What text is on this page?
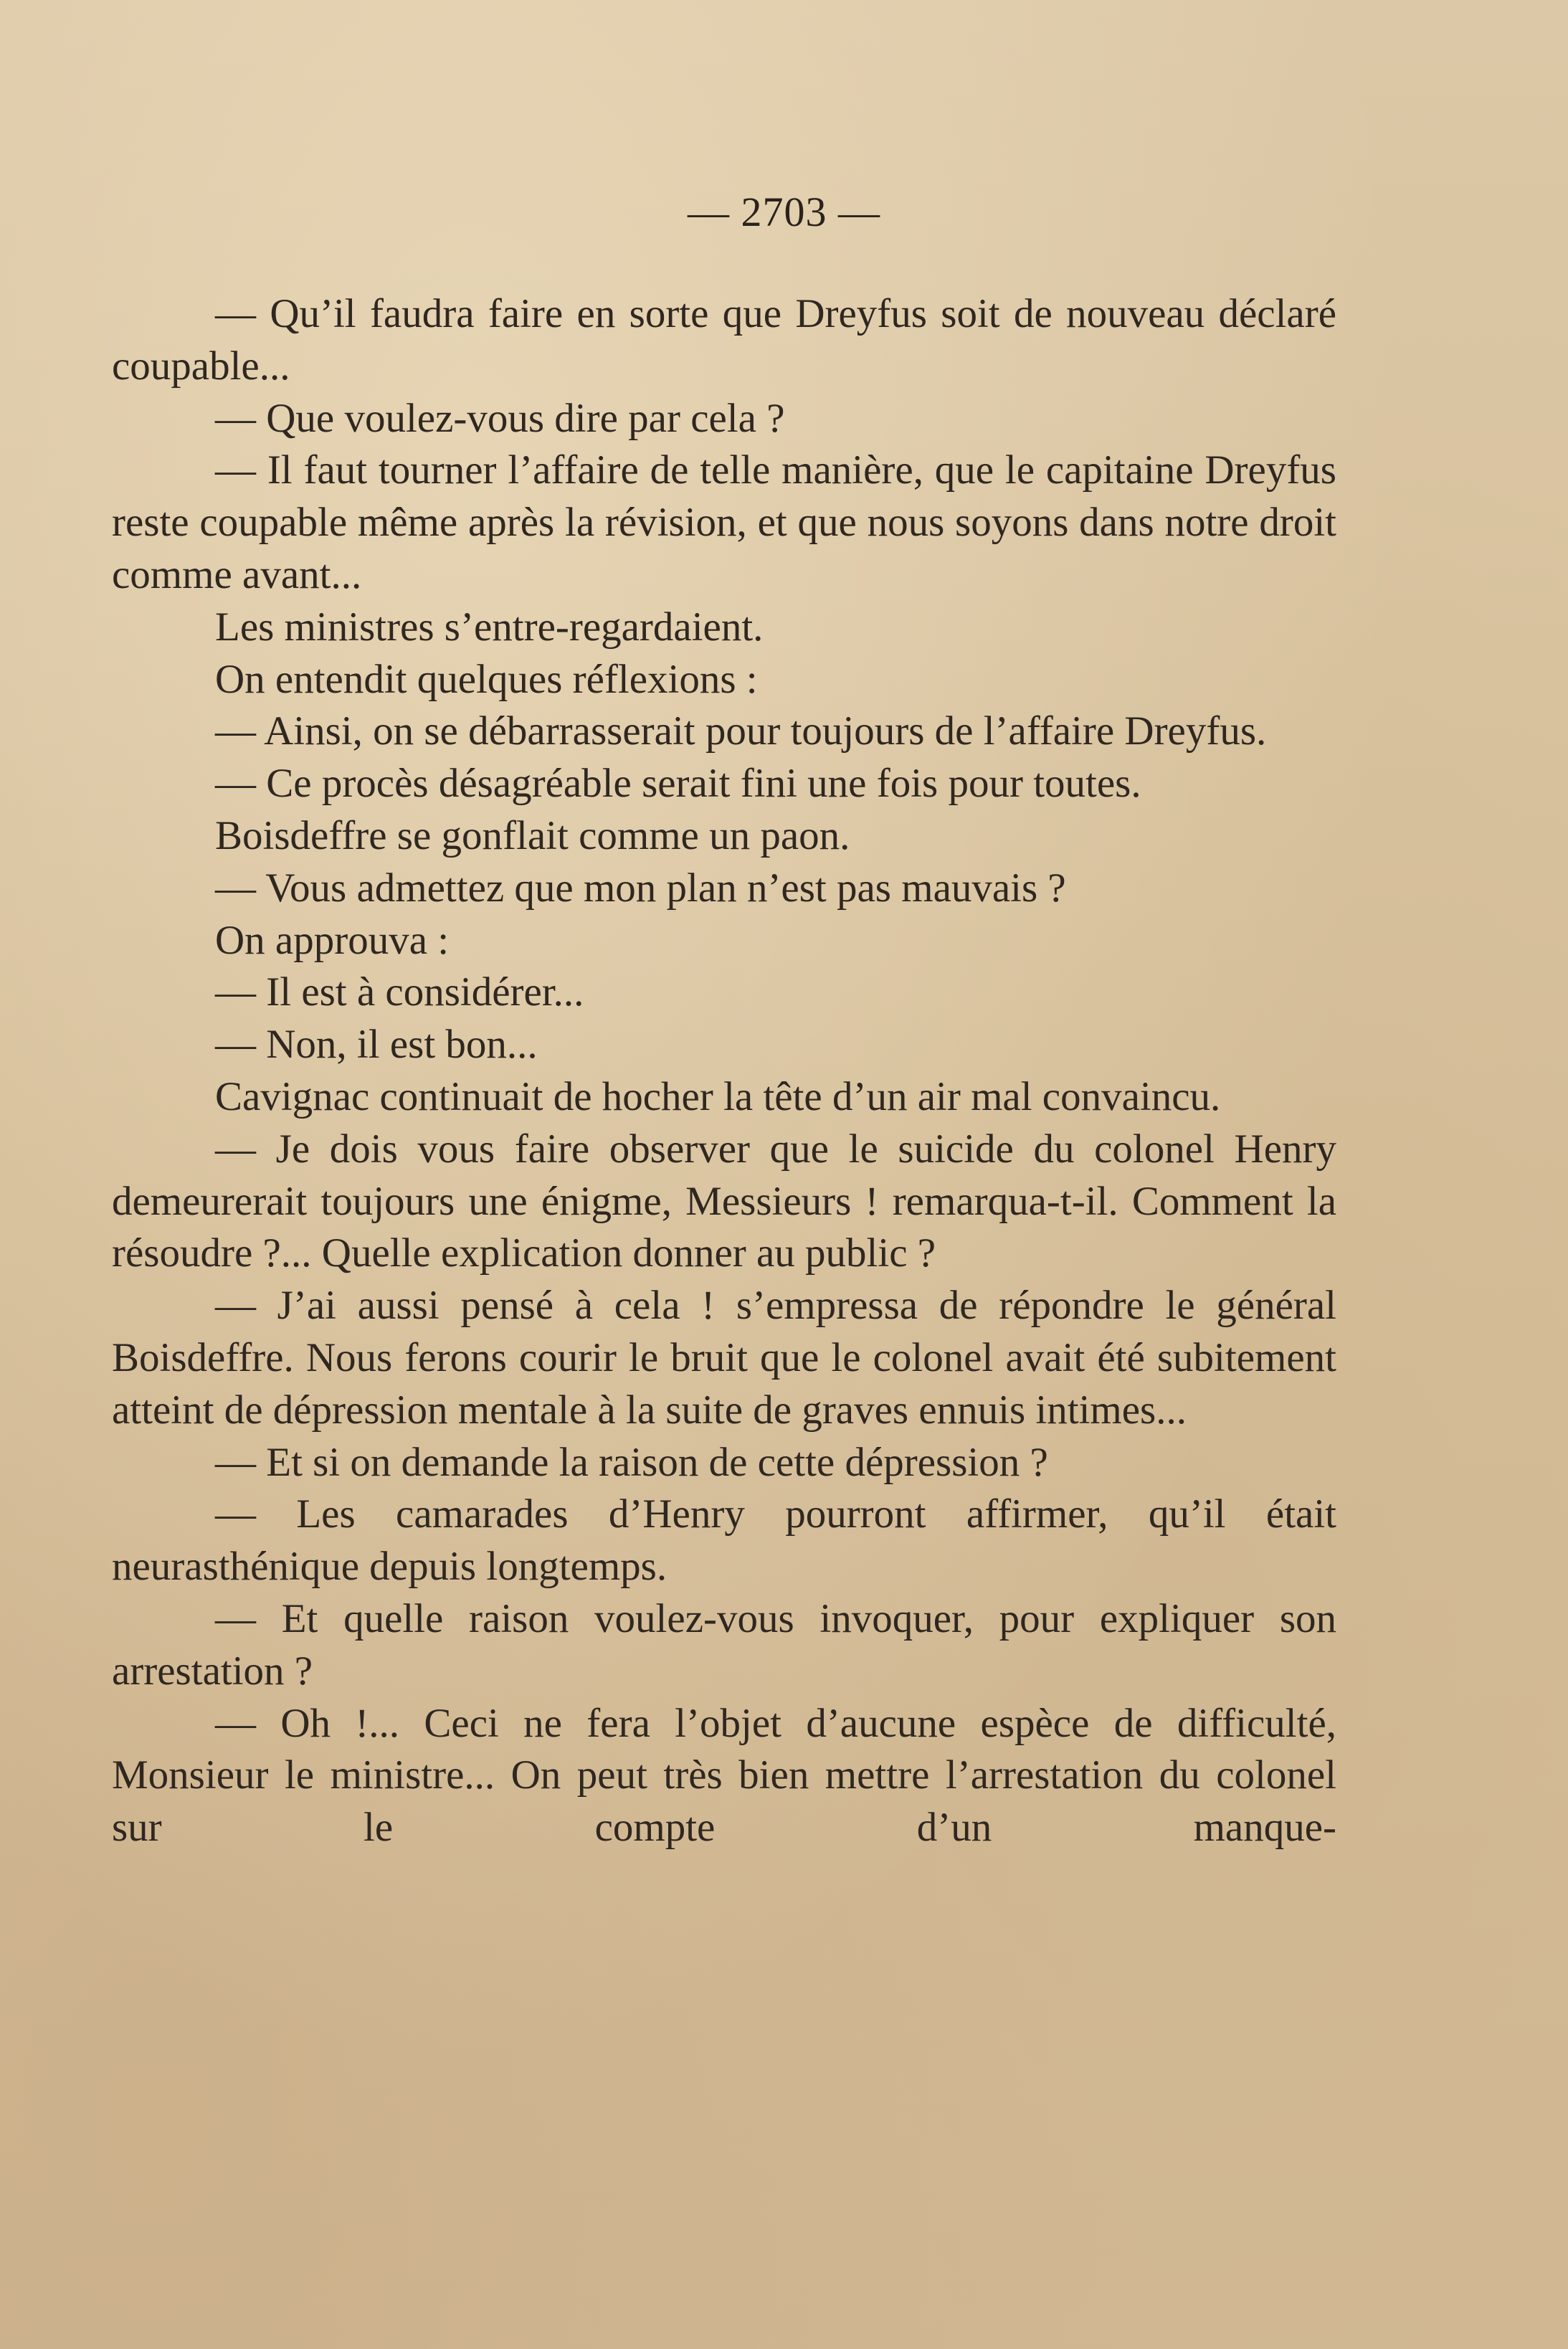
— 2703 —

— Qu’il faudra faire en sorte que Dreyfus soit de nouveau déclaré coupable...

— Que voulez-vous dire par cela ?

— Il faut tourner l’affaire de telle manière, que le capitaine Dreyfus reste coupable même après la révision, et que nous soyons dans notre droit comme avant...

Les ministres s’entre-regardaient.

On entendit quelques réflexions :

— Ainsi, on se débarrasserait pour toujours de l’affaire Dreyfus.

— Ce procès désagréable serait fini une fois pour toutes.

Boisdeffre se gonflait comme un paon.

— Vous admettez que mon plan n’est pas mauvais ?

On approuva :

— Il est à considérer...

— Non, il est bon...

Cavignac continuait de hocher la tête d’un air mal convaincu.

— Je dois vous faire observer que le suicide du colonel Henry demeurerait toujours une énigme, Messieurs ! remarqua-t-il. Comment la résoudre ?... Quelle explication donner au public ?

— J’ai aussi pensé à cela ! s’empressa de répondre le général Boisdeffre. Nous ferons courir le bruit que le colonel avait été subitement atteint de dépression mentale à la suite de graves ennuis intimes...

— Et si on demande la raison de cette dépression ?

— Les camarades d’Henry pourront affirmer, qu’il était neurasthénique depuis longtemps.

— Et quelle raison voulez-vous invoquer, pour expliquer son arrestation ?

— Oh !... Ceci ne fera l’objet d’aucune espèce de difficulté, Monsieur le ministre... On peut très bien mettre l’arrestation du colonel sur le compte d’un manque-
